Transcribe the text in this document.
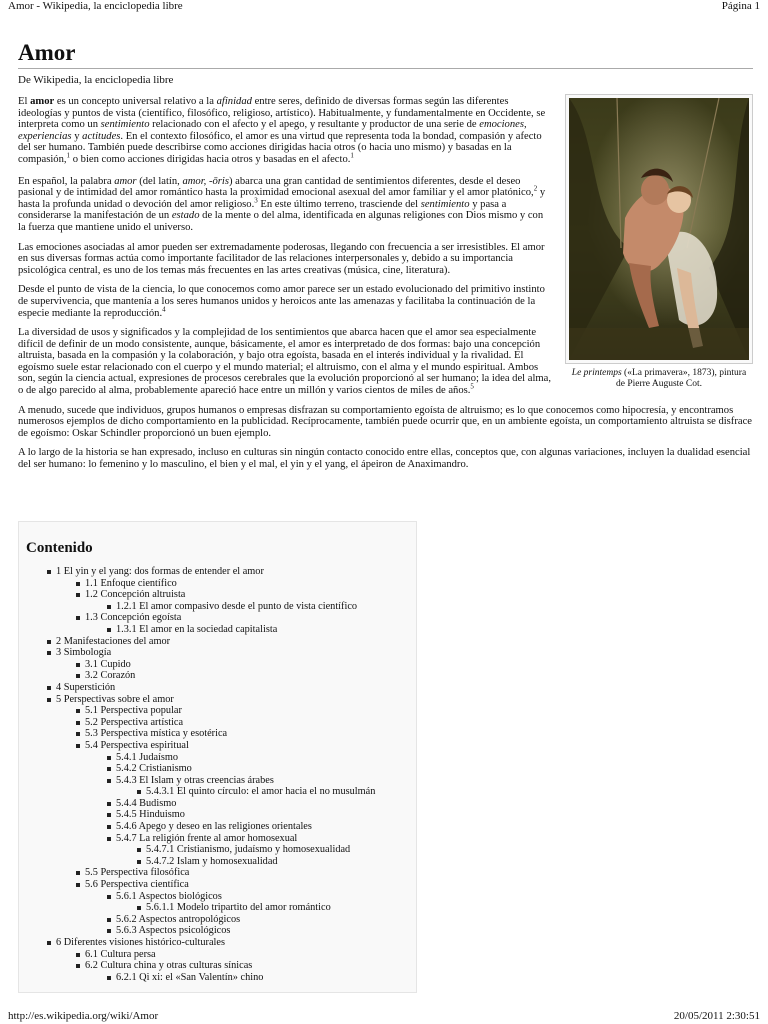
Amor - Wikipedia, la enciclopedia libre	Página 1
Amor
De Wikipedia, la enciclopedia libre
Le printemps («La primavera», 1873), pintura de Pierre Auguste Cot.

El amor es un concepto universal relativo a la afinidad entre seres, definido de diversas formas según las diferentes ideologías y puntos de vista (científico, filosófico, religioso, artístico). Habitualmente, y fundamentalmente en Occidente, se interpreta como un sentimiento relacionado con el afecto y el apego, y resultante y productor de una serie de emociones, experiencias y actitudes. En el contexto filosófico, el amor es una virtud que representa toda la bondad, compasión y afecto del ser humano. También puede describirse como acciones dirigidas hacia otros (o hacia uno mismo) y basadas en la compasión,$^1$ o bien como acciones dirigidas hacia otros y basadas en el afecto.$^1$

En español, la palabra amor (del latín, amor, -ōris) abarca una gran cantidad de sentimientos diferentes, desde el deseo pasional y de intimidad del amor romántico hasta la proximidad emocional asexual del amor familiar y el amor platónico,$^2$ y hasta la profunda unidad o devoción del amor religioso.$^3$ En este último terreno, trasciende del sentimiento y pasa a considerarse la manifestación de un estado de la mente o del alma, identificada en algunas religiones con Dios mismo y con la fuerza que mantiene unido el universo.

Las emociones asociadas al amor pueden ser extremadamente poderosas, llegando con frecuencia a ser irresistibles. El amor en sus diversas formas actúa como importante facilitador de las relaciones interpersonales y, debido a su importancia psicológica central, es uno de los temas más frecuentes en las artes creativas (música, cine, literatura).

Desde el punto de vista de la ciencia, lo que conocemos como amor parece ser un estado evolucionado del primitivo instinto de supervivencia, que mantenía a los seres humanos unidos y heroicos ante las amenazas y facilitaba la continuación de la especie mediante la reproducción.$^4$

La diversidad de usos y significados y la complejidad de los sentimientos que abarca hacen que el amor sea especialmente difícil de definir de un modo consistente, aunque, básicamente, el amor es interpretado de dos formas: bajo una concepción altruista, basada en la compasión y la colaboración, y bajo otra egoísta, basada en el interés individual y la rivalidad. El egoísmo suele estar relacionado con el cuerpo y el mundo material; el altruismo, con el alma y el mundo espiritual. Ambos son, según la ciencia actual, expresiones de procesos cerebrales que la evolución proporcionó al ser humano; la idea del alma, o de algo parecido al alma, probablemente apareció hace entre un millón y varios cientos de miles de años.$^5$

A menudo, sucede que individuos, grupos humanos o empresas disfrazan su comportamiento egoísta de altruismo; es lo que conocemos como hipocresía, y encontramos numerosos ejemplos de dicho comportamiento en la publicidad. Recíprocamente, también puede ocurrir que, en un ambiente egoísta, un comportamiento altruista se disfrace de egoísmo: Oskar Schindler proporcionó un buen ejemplo.

A lo largo de la historia se han expresado, incluso en culturas sin ningún contacto conocido entre ellas, conceptos que, con algunas variaciones, incluyen la dualidad esencial del ser humano: lo femenino y lo masculino, el bien y el mal, el yin y el yang, el ápeiron de Anaximandro.

Contenido
1 El yin y el yang: dos formas de entender el amor
1.1 Enfoque científico
1.2 Concepción altruista
1.2.1 El amor compasivo desde el punto de vista científico
1.3 Concepción egoísta
1.3.1 El amor en la sociedad capitalista
2 Manifestaciones del amor
3 Simbología
3.1 Cupido
3.2 Corazón
4 Superstición
5 Perspectivas sobre el amor
5.1 Perspectiva popular
5.2 Perspectiva artística
5.3 Perspectiva mística y esotérica
5.4 Perspectiva espiritual
5.4.1 Judaísmo
5.4.2 Cristianismo
5.4.3 El Islam y otras creencias árabes
5.4.3.1 El quinto círculo: el amor hacia el no musulmán
5.4.4 Budismo
5.4.5 Hinduismo
5.4.6 Apego y deseo en las religiones orientales
5.4.7 La religión frente al amor homosexual
5.4.7.1 Cristianismo, judaísmo y homosexualidad
5.4.7.2 Islam y homosexualidad
5.5 Perspectiva filosófica
5.6 Perspectiva científica
5.6.1 Aspectos biológicos
5.6.1.1 Modelo tripartito del amor romántico
5.6.2 Aspectos antropológicos
5.6.3 Aspectos psicológicos
6 Diferentes visiones histórico-culturales
6.1 Cultura persa
6.2 Cultura china y otras culturas sínicas
6.2.1 Qi xi: el «San Valentín» chino
http://es.wikipedia.org/wiki/Amor	20/05/2011 2:30:51
